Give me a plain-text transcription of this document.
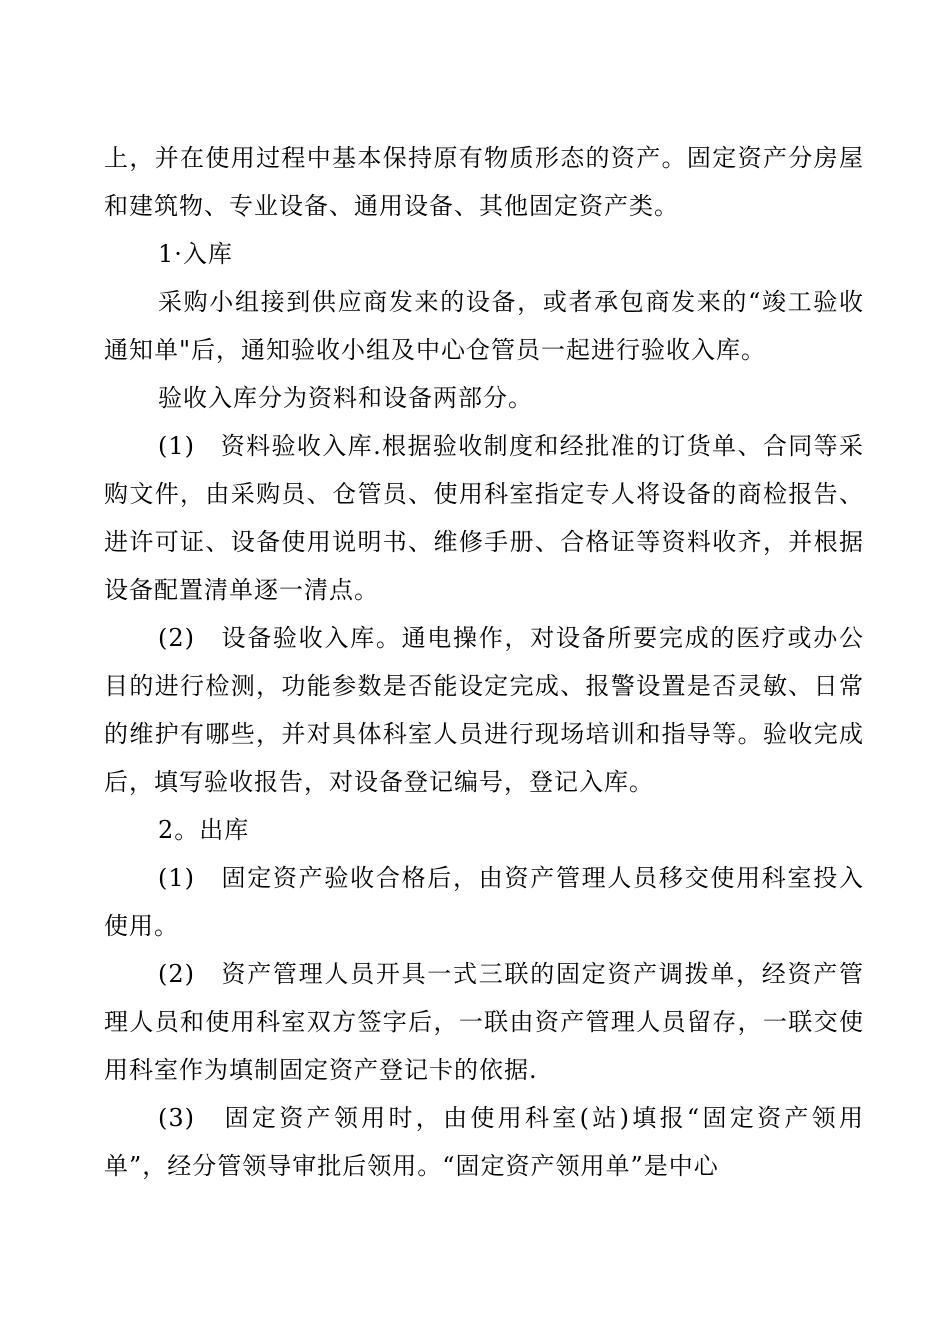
上，并在使用过程中基本保持原有物质形态的资产。固定资产分房屋
和建筑物、专业设备、通用设备、其他固定资产类。
1·入库
采购小组接到供应商发来的设备，或者承包商发来的“竣工验收
通知单"后，通知验收小组及中心仓管员一起进行验收入库。
验收入库分为资料和设备两部分。
(1)　资料验收入库.根据验收制度和经批准的订货单、合同等采
购文件，由采购员、仓管员、使用科室指定专人将设备的商检报告、
进许可证、设备使用说明书、维修手册、合格证等资料收齐，并根据
设备配置清单逐一清点。
(2)　设备验收入库。通电操作，对设备所要完成的医疗或办公
目的进行检测，功能参数是否能设定完成、报警设置是否灵敏、日常
的维护有哪些，并对具体科室人员进行现场培训和指导等。验收完成
后，填写验收报告，对设备登记编号，登记入库。
2。出库
(1)　固定资产验收合格后，由资产管理人员移交使用科室投入
使用。
(2)　资产管理人员开具一式三联的固定资产调拨单，经资产管
理人员和使用科室双方签字后，一联由资产管理人员留存，一联交使
用科室作为填制固定资产登记卡的依据.
(3)　固定资产领用时，由使用科室(站)填报“固定资产领用
单”，经分管领导审批后领用。“固定资产领用单”是中心
